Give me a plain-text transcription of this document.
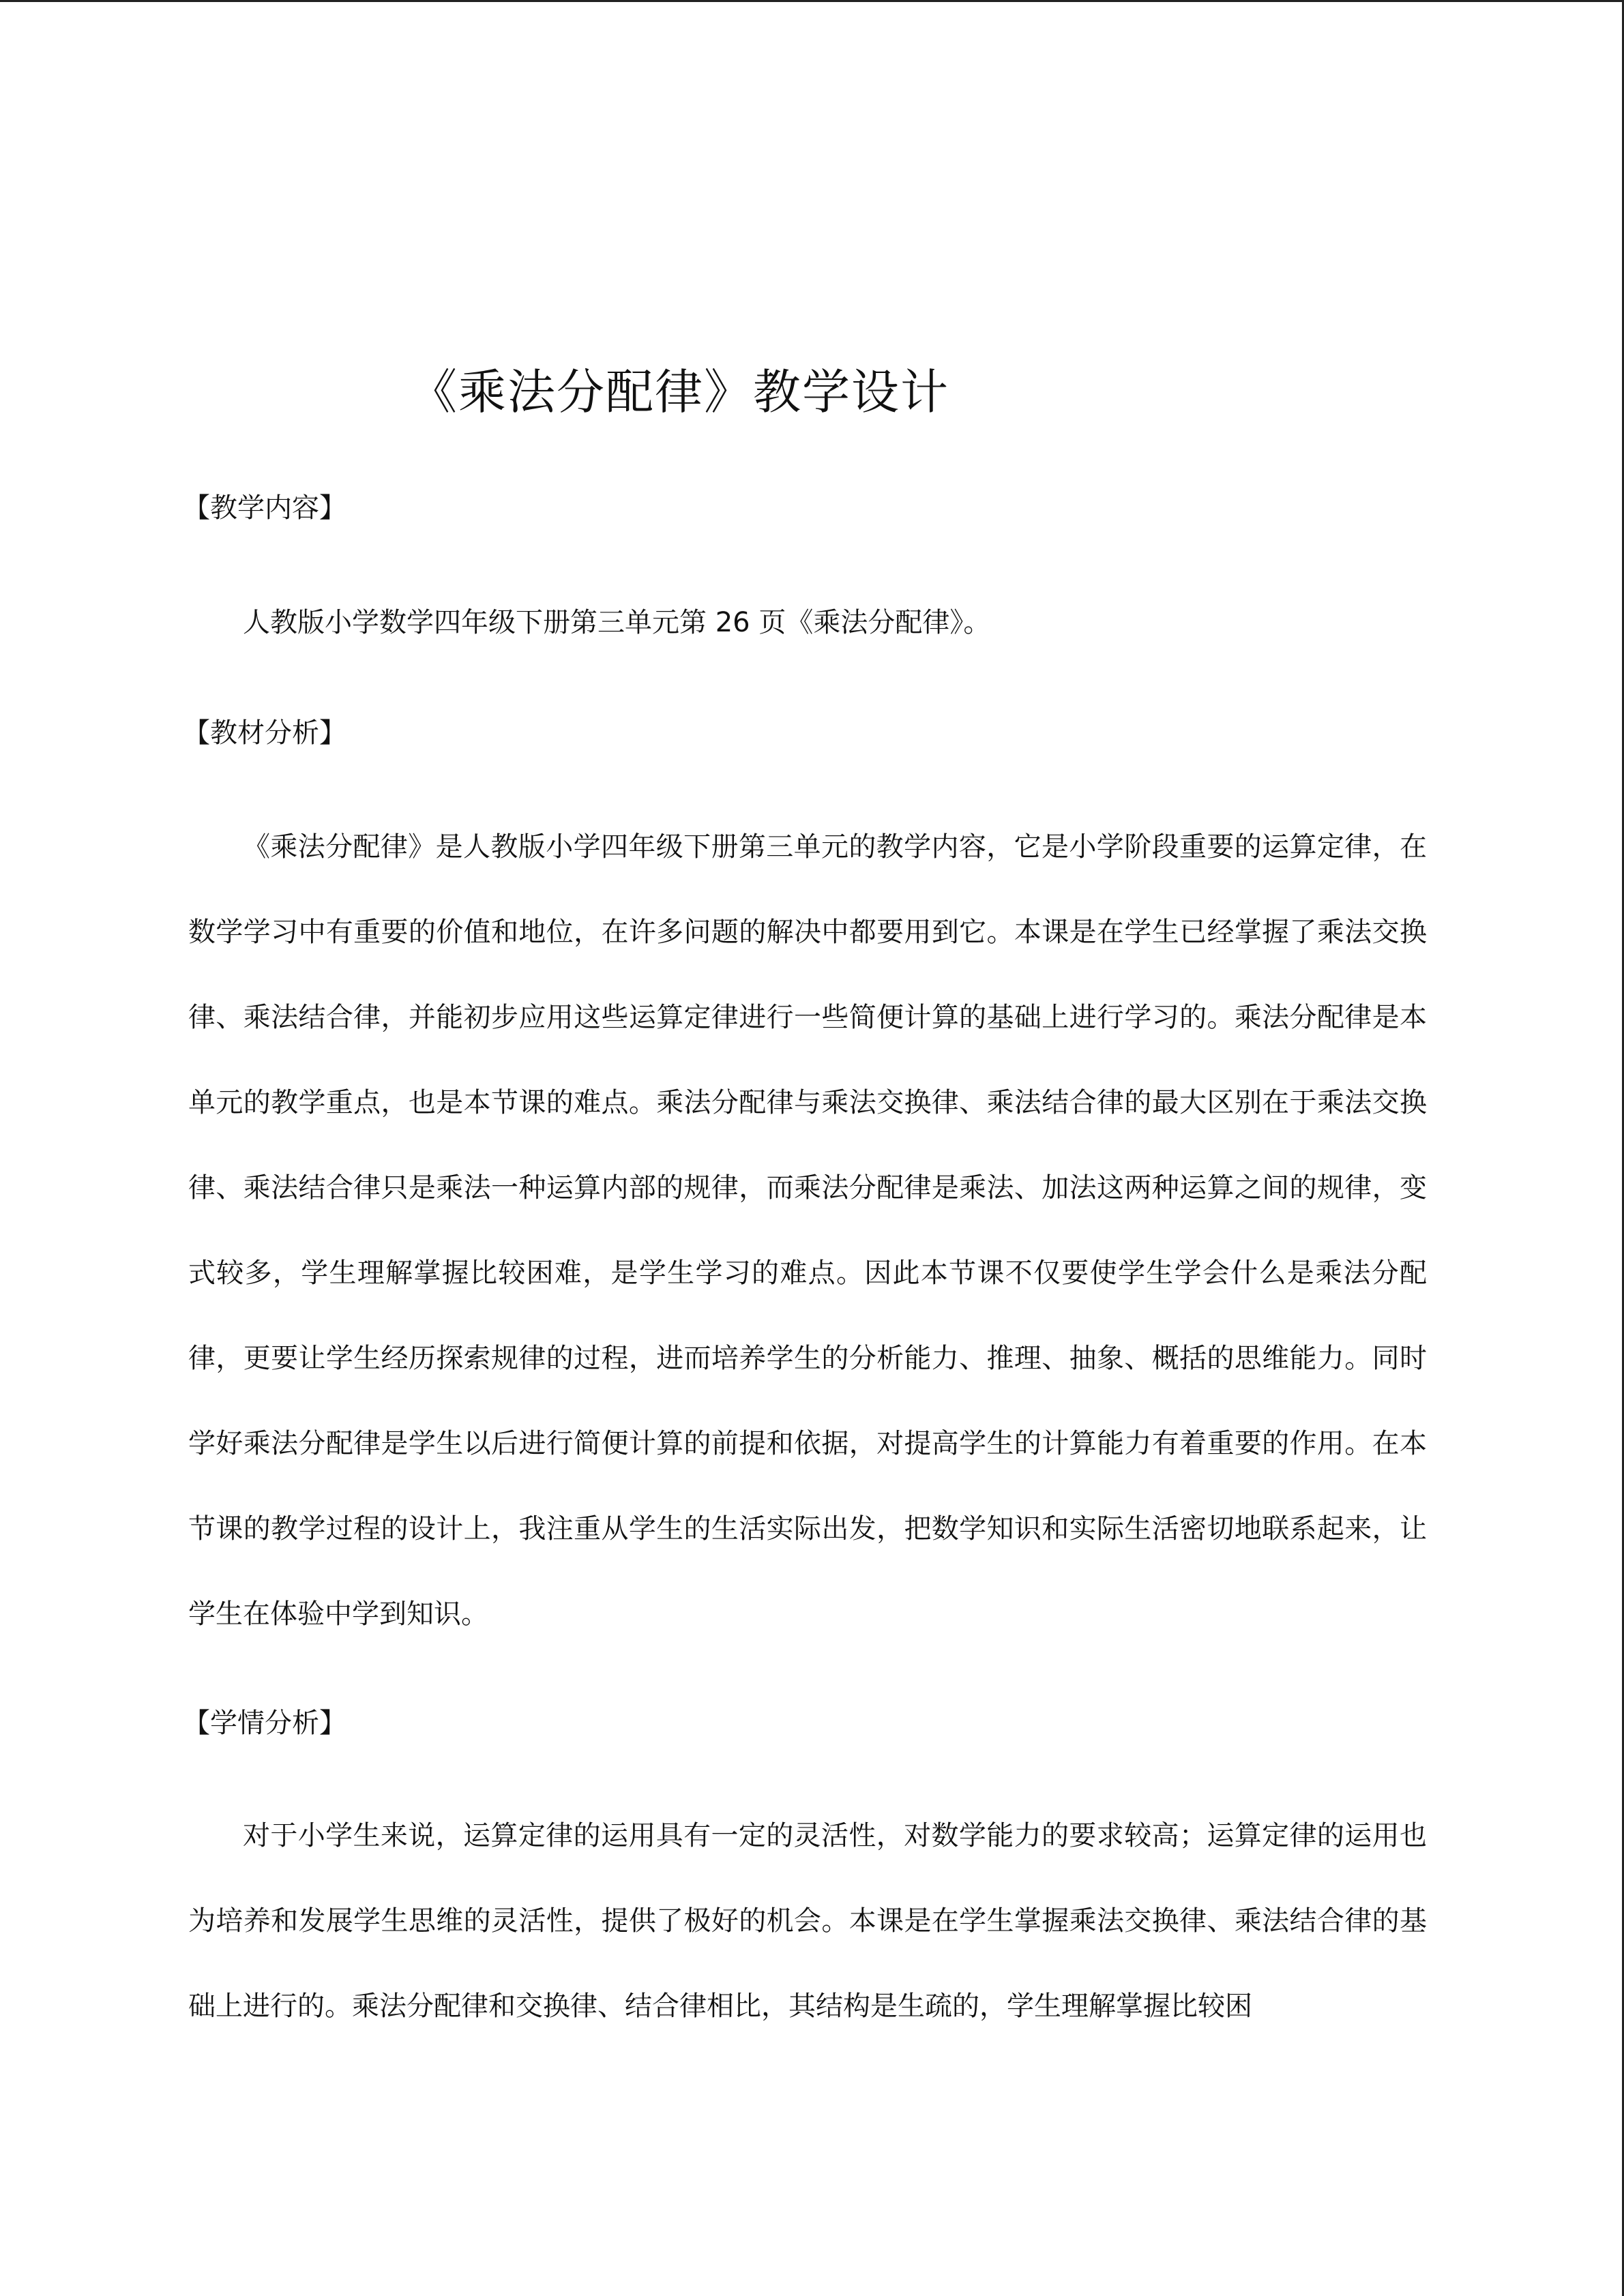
《乘法分配律》教学设计
【教学内容】

人教版小学数学四年级下册第三单元第 26 页《乘法分配律》。

【教材分析】

《乘法分配律》是人教版小学四年级下册第三单元的教学内容，它是小学阶段重要的运算定律，在数学学习中有重要的价值和地位，在许多问题的解决中都要用到它。本课是在学生已经掌握了乘法交换律、乘法结合律，并能初步应用这些运算定律进行一些简便计算的基础上进行学习的。乘法分配律是本单元的教学重点，也是本节课的难点。乘法分配律与乘法交换律、乘法结合律的最大区别在于乘法交换律、乘法结合律只是乘法一种运算内部的规律，而乘法分配律是乘法、加法这两种运算之间的规律，变式较多，学生理解掌握比较困难，是学生学习的难点。因此本节课不仅要使学生学会什么是乘法分配律，更要让学生经历探索规律的过程，进而培养学生的分析能力、推理、抽象、概括的思维能力。同时学好乘法分配律是学生以后进行简便计算的前提和依据，对提高学生的计算能力有着重要的作用。在本节课的教学过程的设计上，我注重从学生的生活实际出发，把数学知识和实际生活密切地联系起来，让学生在体验中学到知识。

【学情分析】

对于小学生来说，运算定律的运用具有一定的灵活性，对数学能力的要求较高；运算定律的运用也为培养和发展学生思维的灵活性，提供了极好的机会。本课是在学生掌握乘法交换律、乘法结合律的基础上进行的。乘法分配律和交换律、结合律相比，其结构是生疏的，学生理解掌握比较困
